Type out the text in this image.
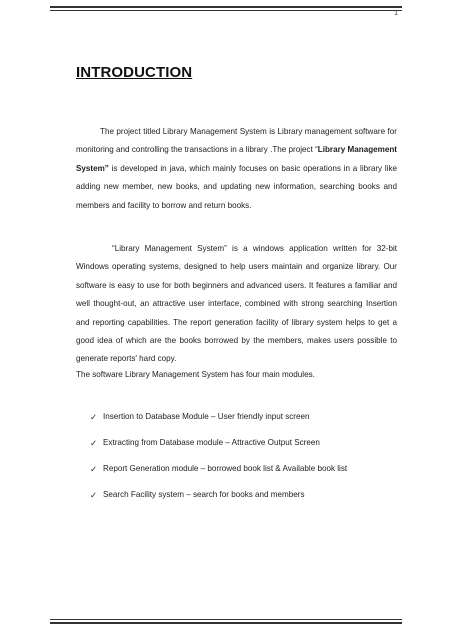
1
INTRODUCTION

The project titled Library Management System is Library management software for monitoring and controlling the transactions in a library .The project “Library Management System” is developed in java, which mainly focuses on basic operations in a library like adding new member, new books, and updating new information, searching books and members and facility to borrow and return books.

“Library Management System” is a windows application written for 32-bit Windows operating systems, designed to help users maintain and organize library. Our software is easy to use for both beginners and advanced users. It features a familiar and well thought-out, an attractive user interface, combined with strong searching Insertion and reporting capabilities. The report generation facility of library system helps to get a good idea of which are the books borrowed by the members, makes users possible to generate reports' hard copy.

The software Library Management System has four main modules.

✓ Insertion to Database Module – User friendly input screen
✓ Extracting from Database module – Attractive Output Screen
✓ Report Generation module – borrowed book list & Available book list
✓ Search Facility system – search for books and members
